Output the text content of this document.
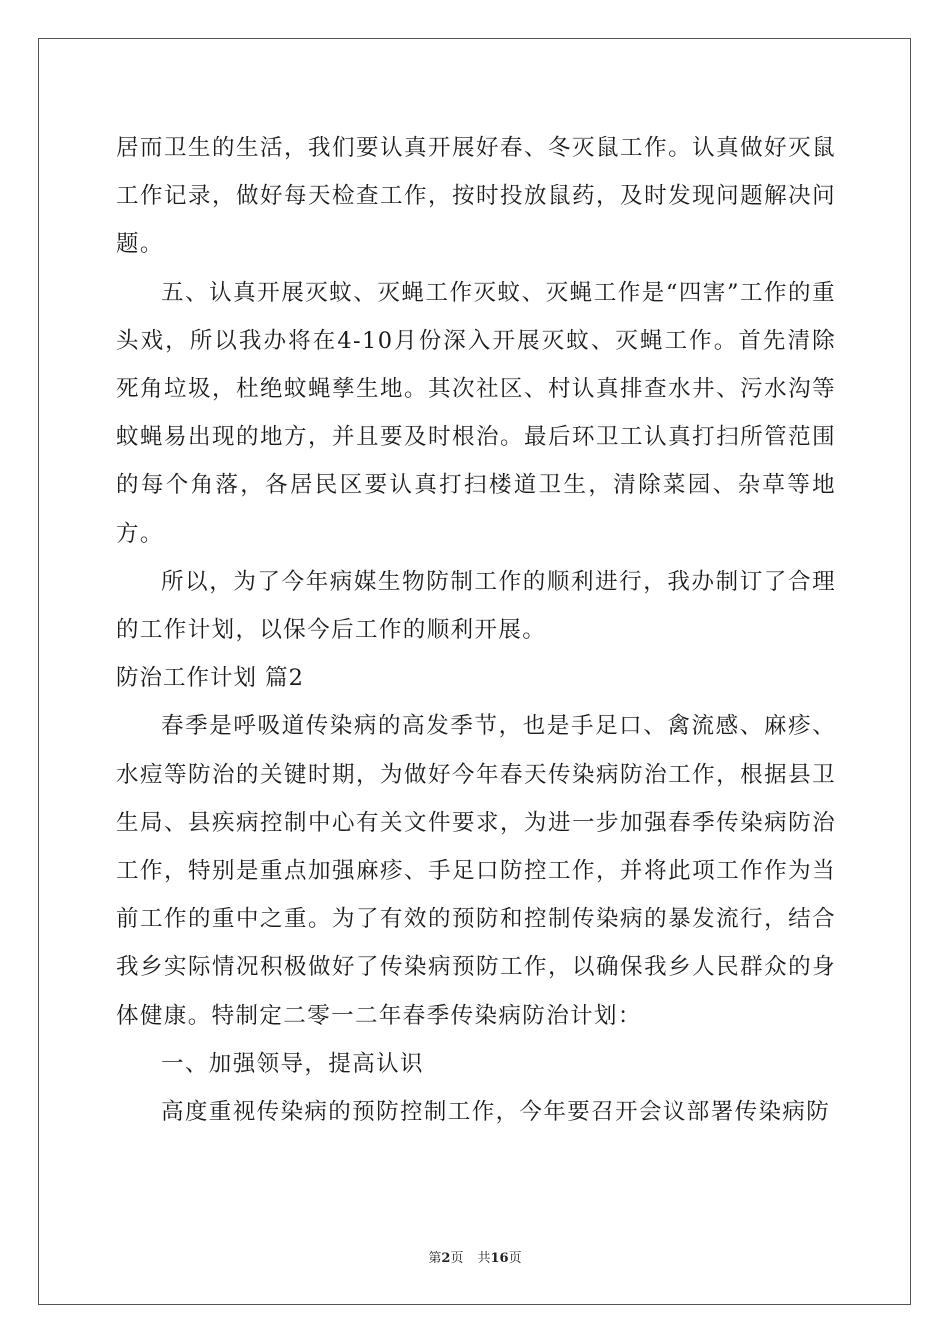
居而卫生的生活，我们要认真开展好春、冬灭鼠工作。认真做好灭鼠工作记录，做好每天检查工作，按时投放鼠药，及时发现问题解决问题。

五、认真开展灭蚊、灭蝇工作灭蚊、灭蝇工作是“四害”工作的重头戏，所以我办将在4-10月份深入开展灭蚊、灭蝇工作。首先清除死角垃圾，杜绝蚊蝇孳生地。其次社区、村认真排查水井、污水沟等蚊蝇易出现的地方，并且要及时根治。最后环卫工认真打扫所管范围的每个角落，各居民区要认真打扫楼道卫生，清除菜园、杂草等地方。

所以，为了今年病媒生物防制工作的顺利进行，我办制订了合理的工作计划，以保今后工作的顺利开展。

防治工作计划 篇2

春季是呼吸道传染病的高发季节，也是手足口、禽流感、麻疹、水痘等防治的关键时期，为做好今年春天传染病防治工作，根据县卫生局、县疾病控制中心有关文件要求，为进一步加强春季传染病防治工作，特别是重点加强麻疹、手足口防控工作，并将此项工作作为当前工作的重中之重。为了有效的预防和控制传染病的暴发流行，结合我乡实际情况积极做好了传染病预防工作，以确保我乡人民群众的身体健康。特制定二零一二年春季传染病防治计划：

一、加强领导，提高认识

高度重视传染病的预防控制工作，今年要召开会议部署传染病防

第2页 共16页
